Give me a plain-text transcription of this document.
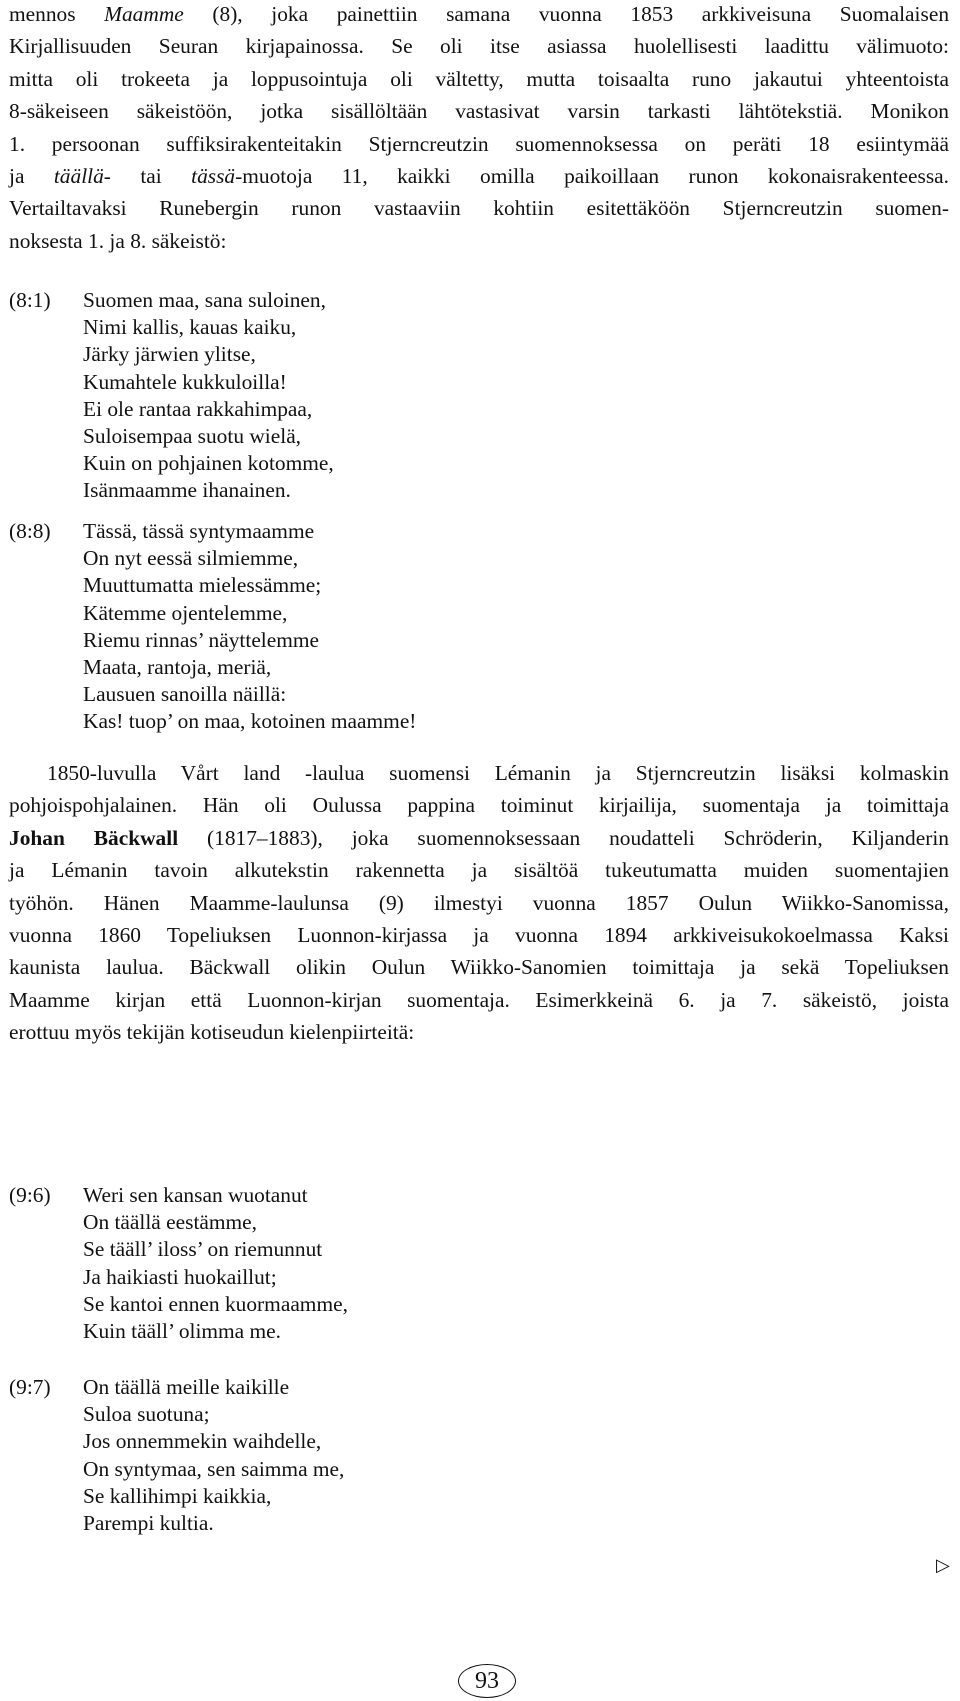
mennos Maamme (8), joka painettiin samana vuonna 1853 arkkiveisuna Suomalaisen
Kirjallisuuden Seuran kirjapainossa. Se oli itse asiassa huolellisesti laadittu välimuoto:
mitta oli trokeeta ja loppusointuja oli vältetty, mutta toisaalta runo jakautui yhteentoista
8-säkeiseen säkeistöön, jotka sisällöltään vastasivat varsin tarkasti lähtötekstiä. Monikon
1. persoonan suffiksirakenteitakin Stjerncreutzin suomennoksessa on peräti 18 esiintymää
ja täällä- tai tässä-muotoja 11, kaikki omilla paikoillaan runon kokonaisrakenteessa.
Vertailtavaksi Runebergin runon vastaaviin kohtiin esitettäköön Stjerncreutzin suomen-
noksesta 1. ja 8. säkeistö:

(8:1) Suomen maa, sana suloinen,
Nimi kallis, kauas kaiku,
Järky järwien ylitse,
Kumahtele kukkuloilla!
Ei ole rantaa rakkahimpaa,
Suloisempaa suotu wielä,
Kuin on pohjainen kotomme,
Isänmaamme ihanainen.
(8:8) Tässä, tässä syntymaamme
On nyt eessä silmiemme,
Muuttumatta mielessämme;
Kätemme ojentelemme,
Riemu rinnas’ näyttelemme
Maata, rantoja, meriä,
Lausuen sanoilla näillä:
Kas! tuop’ on maa, kotoinen maamme!

1850-luvulla Vårt land -laulua suomensi Lémanin ja Stjerncreutzin lisäksi kolmaskin
pohjoispohjalainen. Hän oli Oulussa pappina toiminut kirjailija, suomentaja ja toimittaja
Johan Bäckwall (1817–1883), joka suomennoksessaan noudatteli Schröderin, Kiljanderin
ja Lémanin tavoin alkutekstin rakennetta ja sisältöä tukeutumatta muiden suomentajien
työhön. Hänen Maamme-laulunsa (9) ilmestyi vuonna 1857 Oulun Wiikko-Sanomissa,
vuonna 1860 Topeliuksen Luonnon-kirjassa ja vuonna 1894 arkkiveisukokoelmassa Kaksi
kaunista laulua. Bäckwall olikin Oulun Wiikko-Sanomien toimittaja ja sekä Topeliuksen
Maamme kirjan että Luonnon-kirjan suomentaja. Esimerkkeinä 6. ja 7. säkeistö, joista
erottuu myös tekijän kotiseudun kielenpiirteitä:

(9:6) Weri sen kansan wuotanut
On täällä eestämme,
Se tääll’ iloss’ on riemunnut
Ja haikiasti huokaillut;
Se kantoi ennen kuormaamme,
Kuin tääll’ olimma me.
(9:7) On täällä meille kaikille
Suloa suotuna;
Jos onnemmekin waihdelle,
On syntymaa, sen saimma me,
Se kallihimpi kaikkia,
Parempi kultia.
▷
93
